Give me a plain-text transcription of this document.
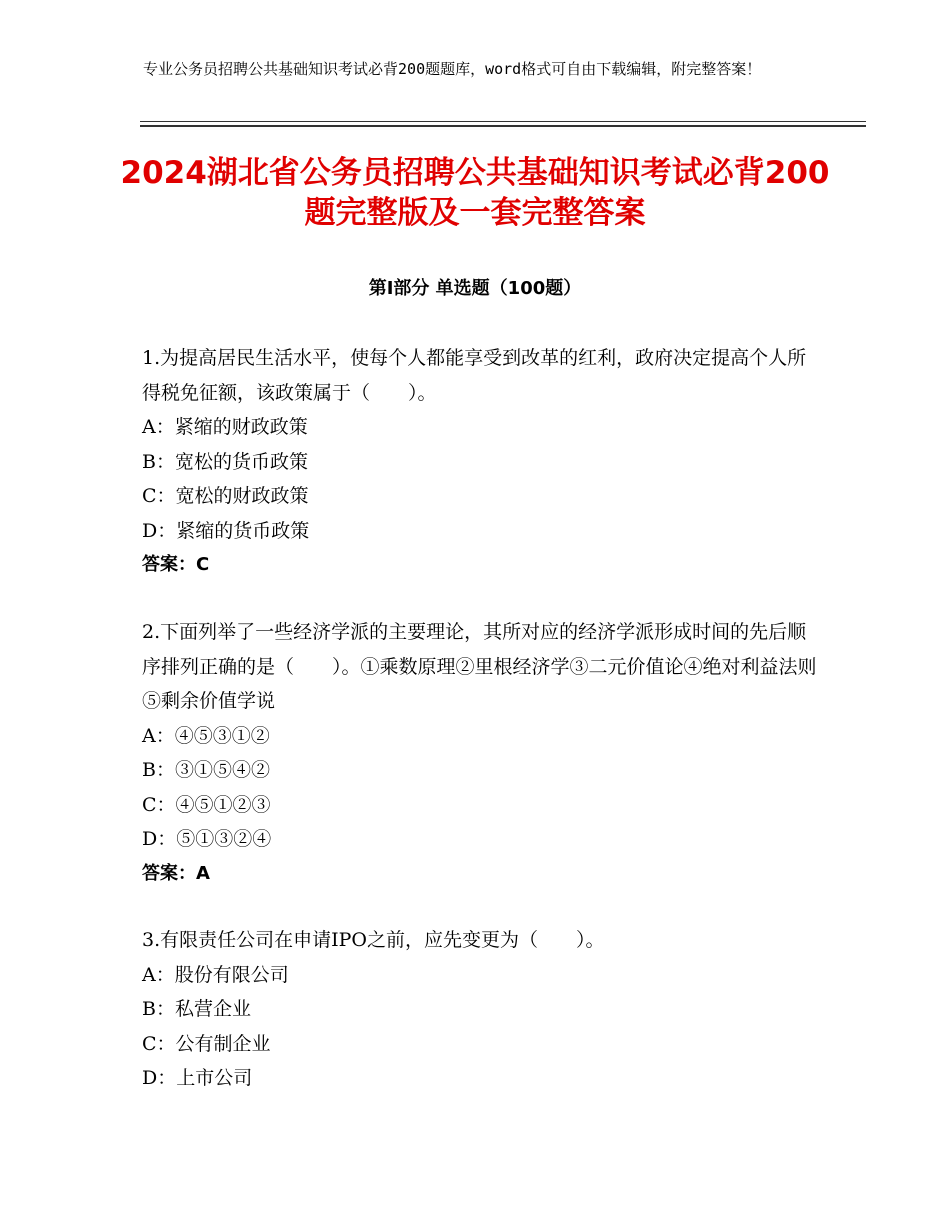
专业公务员招聘公共基础知识考试必背200题题库，word格式可自由下载编辑，附完整答案！
2024湖北省公务员招聘公共基础知识考试必背200题完整版及一套完整答案
第Ⅰ部分 单选题（100题）

1.为提高居民生活水平，使每个人都能享受到改革的红利，政府决定提高个人所得税免征额，该政策属于（　　）。

A：紧缩的财政政策

B：宽松的货币政策

C：宽松的财政政策

D：紧缩的货币政策

答案：C

2.下面列举了一些经济学派的主要理论，其所对应的经济学派形成时间的先后顺序排列正确的是（　　）。①乘数原理②里根经济学③二元价值论④绝对利益法则⑤剩余价值学说

A：④⑤③①②

B：③①⑤④②

C：④⑤①②③

D：⑤①③②④

答案：A

3.有限责任公司在申请IPO之前，应先变更为（　　）。

A：股份有限公司

B：私营企业

C：公有制企业

D：上市公司
